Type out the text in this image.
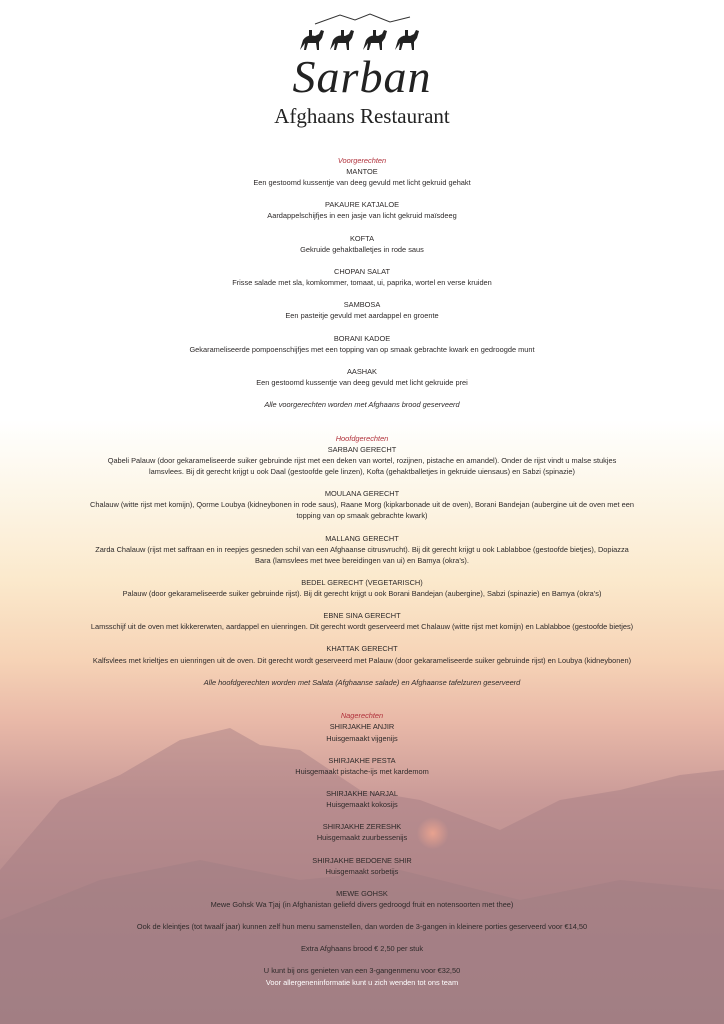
Sarban
Afghaans Restaurant
Voorgerechten
MANTOE
Een gestoomd kussentje van deeg gevuld met licht gekruid gehakt
PAKAURE KATJALOE
Aardappelschijfjes in een jasje van licht gekruid maïsdeeg
KOFTA
Gekruide gehaktballetjes in rode saus
CHOPAN SALAT
Frisse salade met sla, komkommer, tomaat, ui, paprika, wortel en verse kruiden
SAMBOSA
Een pasteitje gevuld met aardappel en groente
BORANI KADOE
Gekarameliseerde pompoenschijfjes met een topping van op smaak gebrachte kwark en gedroogde munt
AASHAK
Een gestoomd kussentje van deeg gevuld met licht gekruide prei
Alle voorgerechten worden met Afghaans brood geserveerd
Hoofdgerechten
SARBAN GERECHT
Qabeli Palauw (door gekarameliseerde suiker gebruinde rijst met een deken van wortel, rozijnen, pistache en amandel). Onder de rijst vindt u malse stukjes lamsvlees. Bij dit gerecht krijgt u ook Daal (gestoofde gele linzen), Kofta (gehaktballetjes in gekruide uiensaus) en Sabzi (spinazie)
MOULANA GERECHT
Chalauw (witte rijst met komijn), Qorme Loubya (kidneybonen in rode saus), Raane Morg (kipkarbonade uit de oven), Borani Bandejan (aubergine uit de oven met een topping van op smaak gebrachte kwark)
MALLANG GERECHT
Zarda Chalauw (rijst met saffraan en in reepjes gesneden schil van een Afghaanse citrusvrucht). Bij dit gerecht krijgt u ook Lablabboe (gestoofde bietjes), Dopiazza Bara (lamsvlees met twee bereidingen van ui) en Bamya (okra’s).
BEDEL GERECHT (VEGETARISCH)
Palauw (door gekarameliseerde suiker gebruinde rijst). Bij dit gerecht krijgt u ook Borani Bandejan (aubergine), Sabzi (spinazie) en Bamya (okra’s)
EBNE SINA GERECHT
Lamsschijf uit de oven met kikkererwten, aardappel en uienringen. Dit gerecht wordt geserveerd met Chalauw (witte rijst met komijn) en Lablabboe (gestoofde bietjes)
KHATTAK GERECHT
Kalfsvlees met krieltjes en uienringen uit de oven. Dit gerecht wordt geserveerd met Palauw (door gekarameliseerde suiker gebruinde rijst) en Loubya (kidneybonen)
Alle hoofdgerechten worden met Salata (Afghaanse salade) en Afghaanse tafelzuren geserveerd
Nagerechten
SHIRJAKHE ANJIR
Huisgemaakt vijgenijs
SHIRJAKHE PESTA
Huisgemaakt pistache-ijs met kardemom
SHIRJAKHE NARJAL
Huisgemaakt kokosijs
SHIRJAKHE ZERESHK
Huisgemaakt zuurbessenijs
SHIRJAKHE BEDOENE SHIR
Huisgemaakt sorbetijs
MEWE GOHSK
Mewe Gohsk Wa Tjaj (in Afghanistan geliefd divers gedroogd fruit en notensoorten met thee)
Ook de kleintjes (tot twaalf jaar) kunnen zelf hun menu samenstellen, dan worden de 3-gangen in kleinere porties geserveerd voor €14,50
Extra Afghaans brood € 2,50 per stuk
U kunt bij ons genieten van een 3-gangenmenu voor €32,50
Voor allergeneninformatie kunt u zich wenden tot ons team
